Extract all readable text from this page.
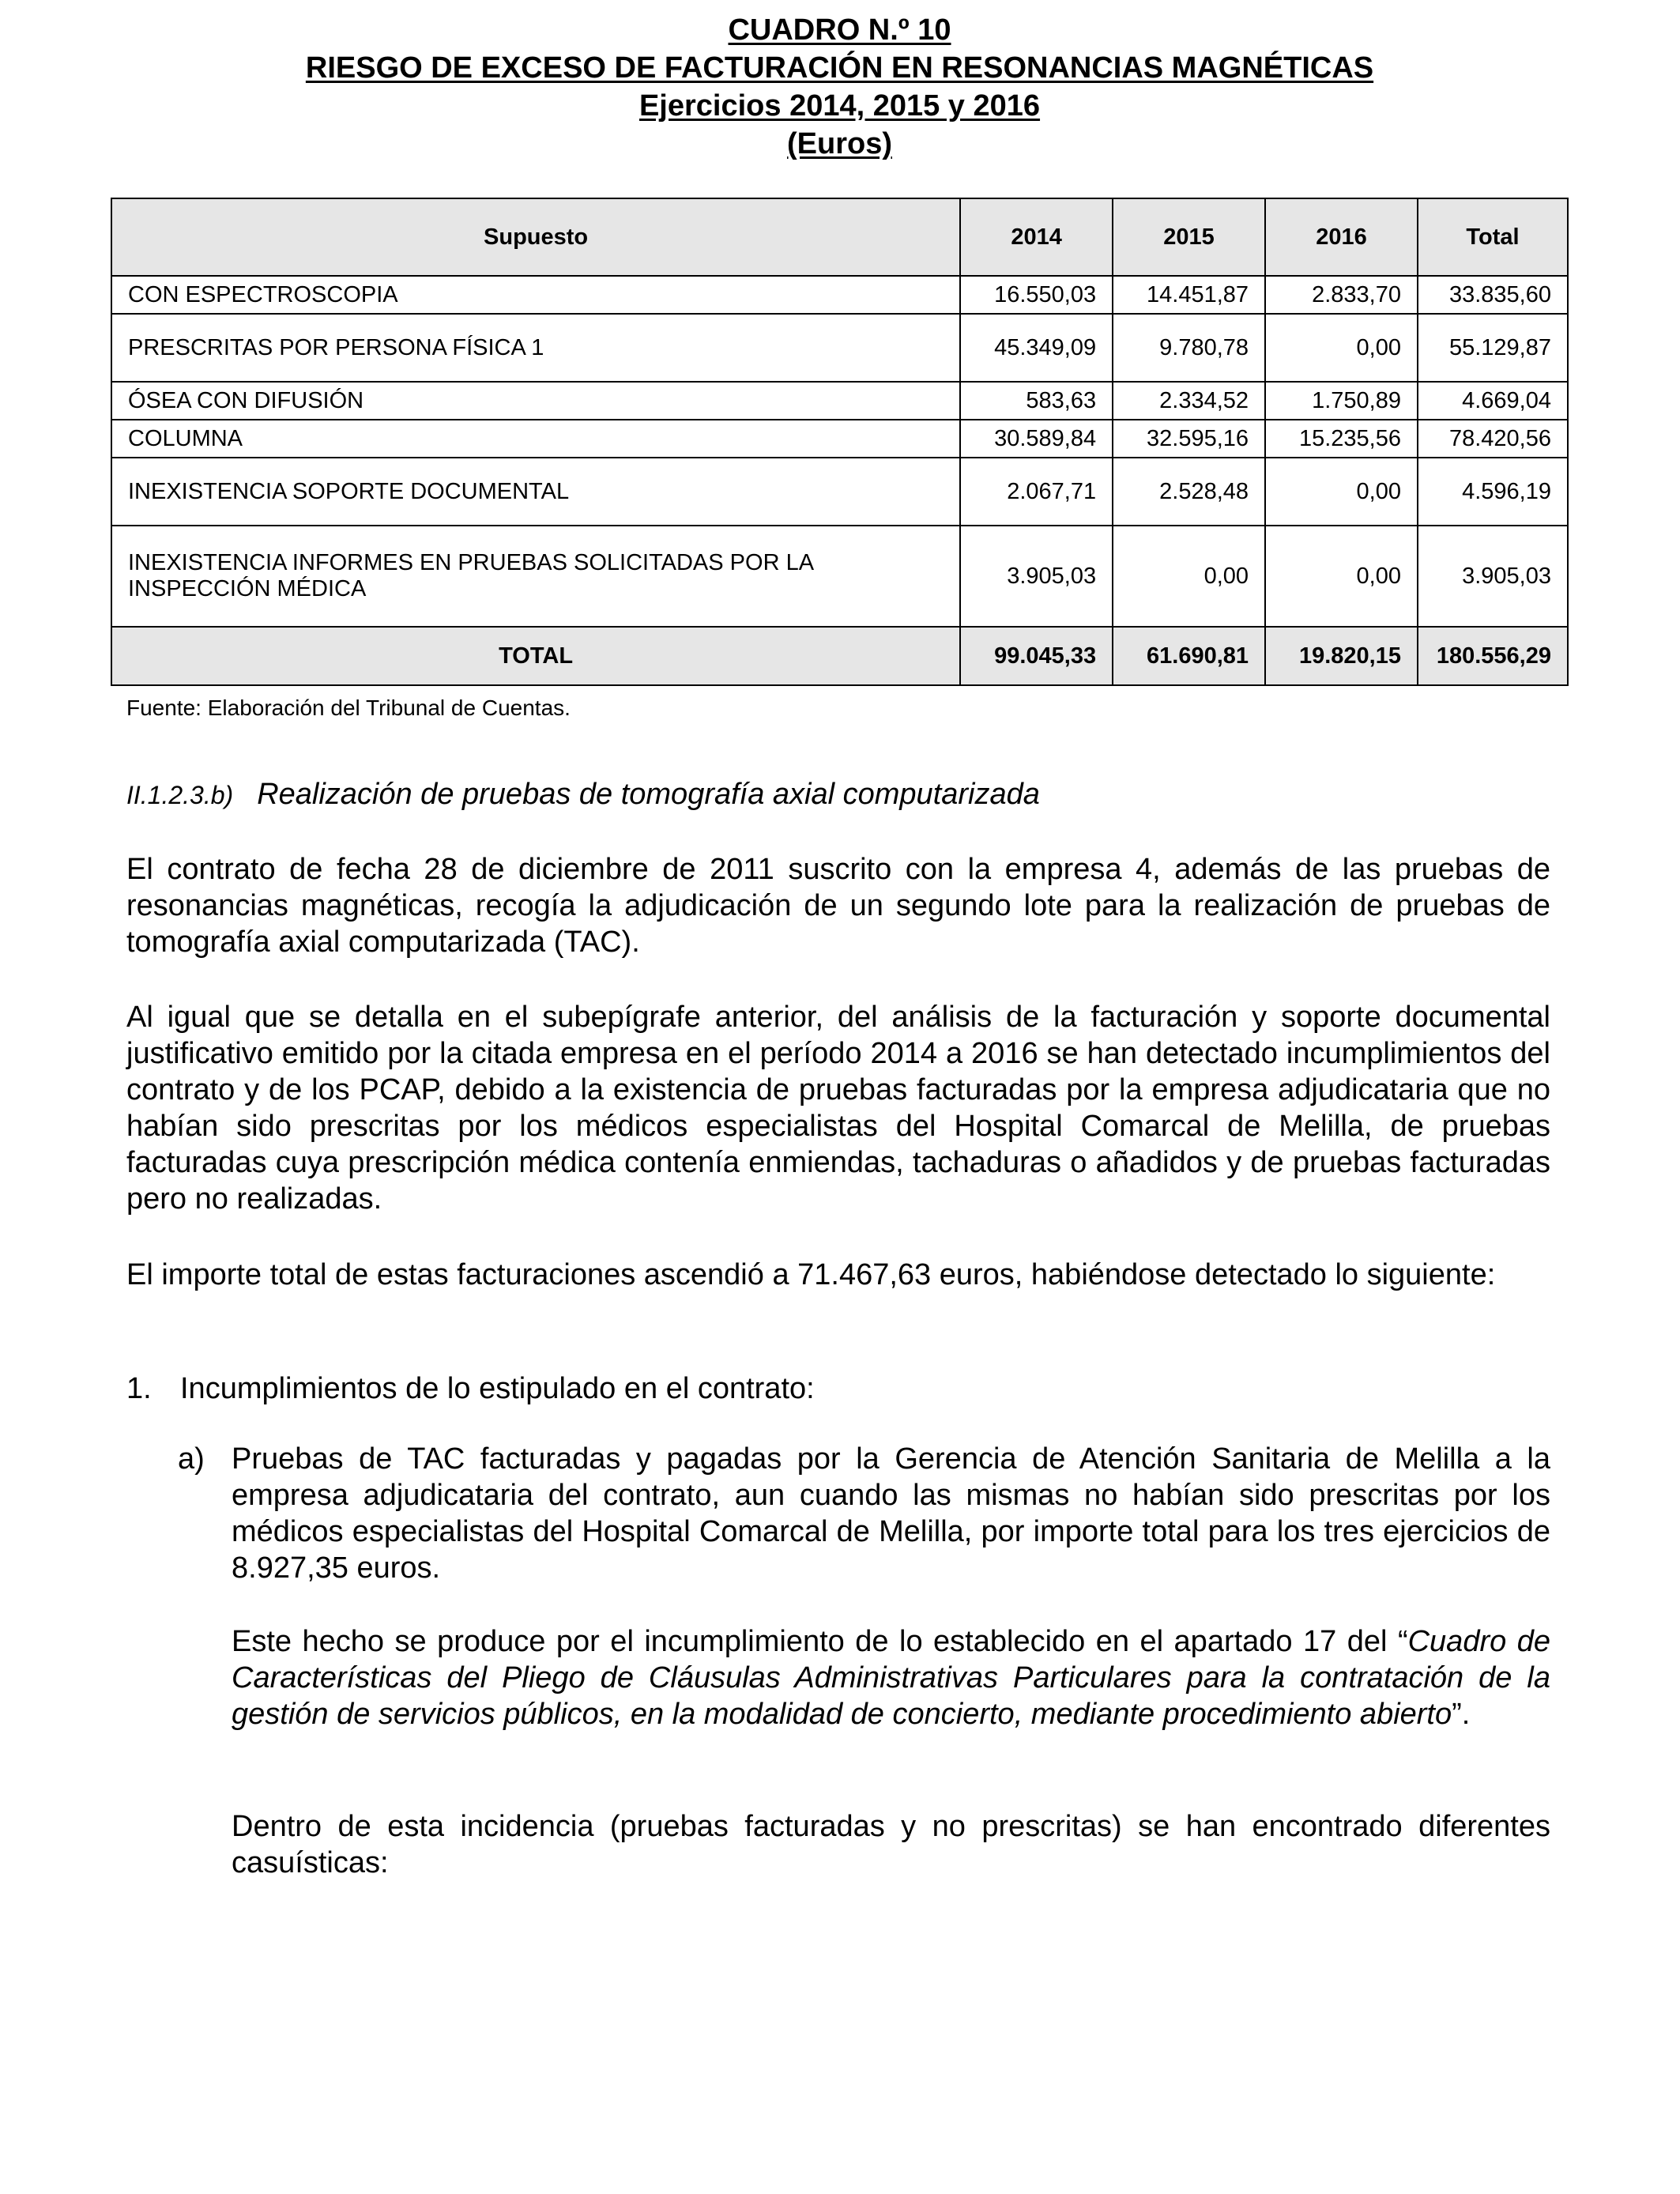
CUADRO N.º 10
RIESGO DE EXCESO DE FACTURACIÓN EN RESONANCIAS MAGNÉTICAS
Ejercicios 2014, 2015 y 2016
(Euros)
Supuesto	2014	2015	2016	Total
CON ESPECTROSCOPIA	16.550,03	14.451,87	2.833,70	33.835,60
PRESCRITAS POR PERSONA FÍSICA 1	45.349,09	9.780,78	0,00	55.129,87
ÓSEA CON DIFUSIÓN	583,63	2.334,52	1.750,89	4.669,04
COLUMNA	30.589,84	32.595,16	15.235,56	78.420,56
INEXISTENCIA SOPORTE DOCUMENTAL	2.067,71	2.528,48	0,00	4.596,19
INEXISTENCIA INFORMES EN PRUEBAS SOLICITADAS POR LA INSPECCIÓN MÉDICA	3.905,03	0,00	0,00	3.905,03
TOTAL	99.045,33	61.690,81	19.820,15	180.556,29
Fuente: Elaboración del Tribunal de Cuentas.
II.1.2.3.b) Realización de pruebas de tomografía axial computarizada
El contrato de fecha 28 de diciembre de 2011 suscrito con la empresa 4, además de las pruebas de resonancias magnéticas, recogía la adjudicación de un segundo lote para la realización de pruebas de tomografía axial computarizada (TAC).
Al igual que se detalla en el subepígrafe anterior, del análisis de la facturación y soporte documental justificativo emitido por la citada empresa en el período 2014 a 2016 se han detectado incumplimientos del contrato y de los PCAP, debido a la existencia de pruebas facturadas por la empresa adjudicataria que no habían sido prescritas por los médicos especialistas del Hospital Comarcal de Melilla, de pruebas facturadas cuya prescripción médica contenía enmiendas, tachaduras o añadidos y de pruebas facturadas pero no realizadas.
El importe total de estas facturaciones ascendió a 71.467,63 euros, habiéndose detectado lo siguiente:
1. Incumplimientos de lo estipulado en el contrato:
a) Pruebas de TAC facturadas y pagadas por la Gerencia de Atención Sanitaria de Melilla a la empresa adjudicataria del contrato, aun cuando las mismas no habían sido prescritas por los médicos especialistas del Hospital Comarcal de Melilla, por importe total para los tres ejercicios de 8.927,35 euros.
Este hecho se produce por el incumplimiento de lo establecido en el apartado 17 del “Cuadro de Características del Pliego de Cláusulas Administrativas Particulares para la contratación de la gestión de servicios públicos, en la modalidad de concierto, mediante procedimiento abierto”.
Dentro de esta incidencia (pruebas facturadas y no prescritas) se han encontrado diferentes casuísticas:
